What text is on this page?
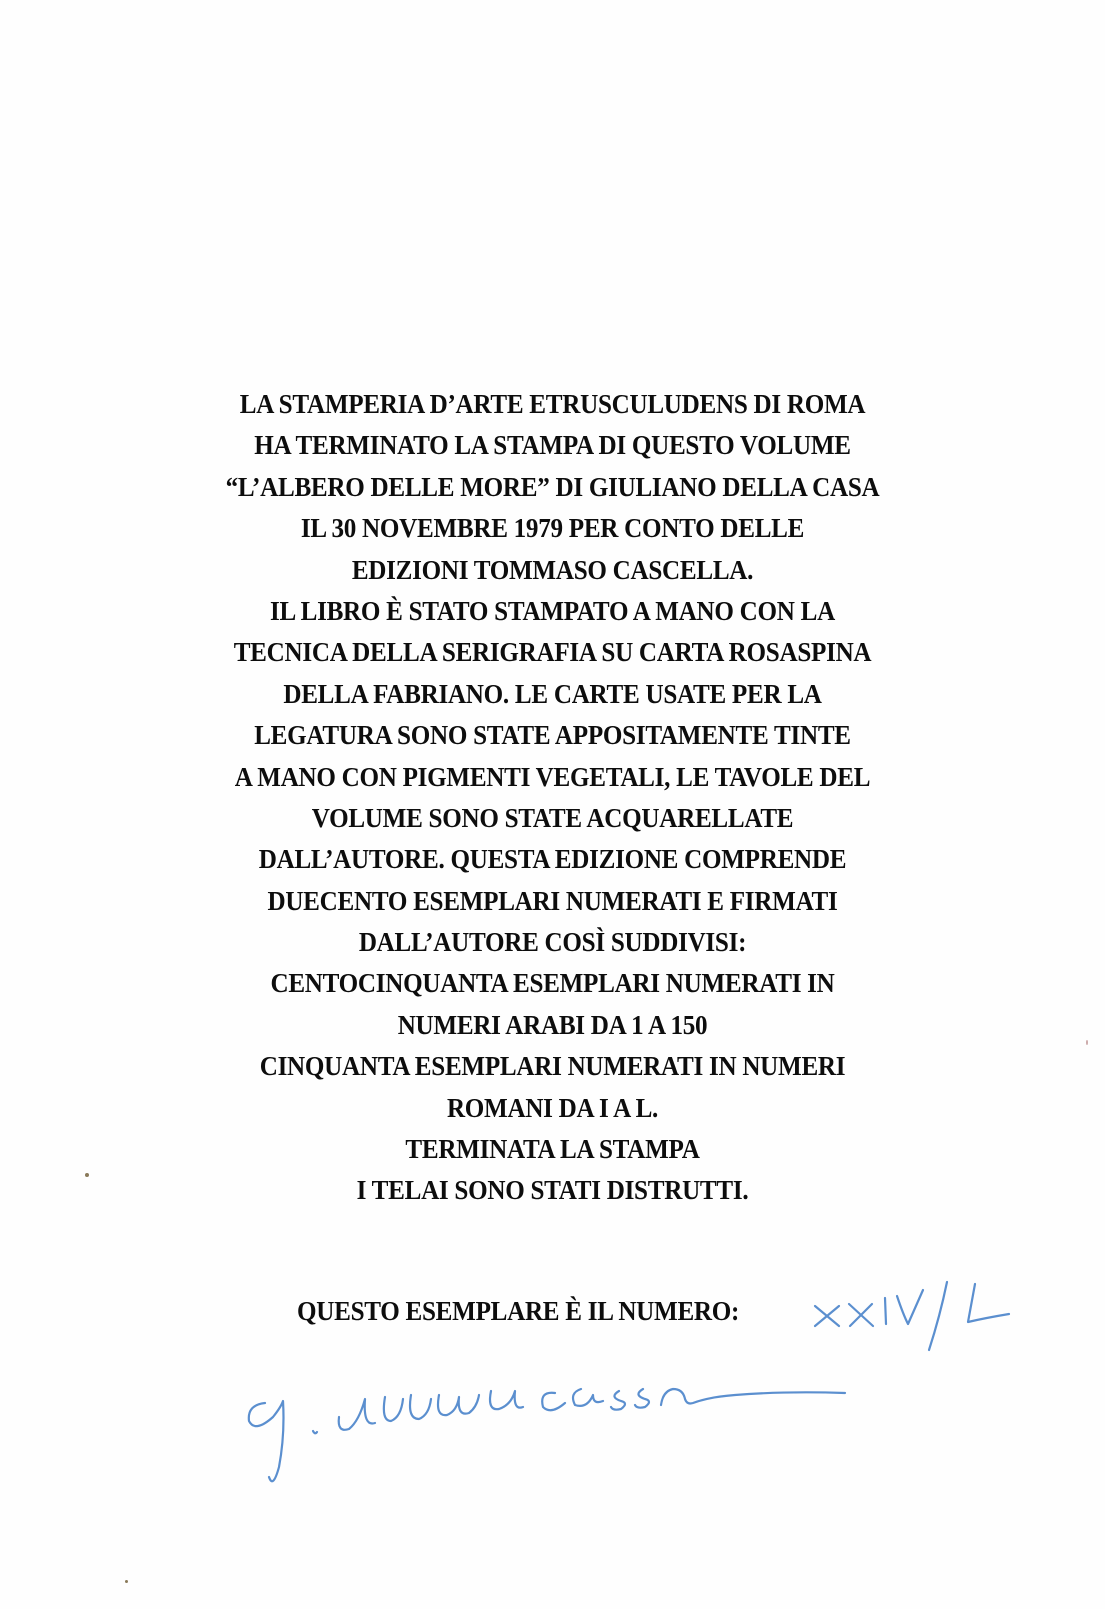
LA STAMPERIA D’ARTE ETRUSCULUDENS DI ROMA
HA TERMINATO LA STAMPA DI QUESTO VOLUME
“L’ALBERO DELLE MORE” DI GIULIANO DELLA CASA
IL 30 NOVEMBRE 1979 PER CONTO DELLE
EDIZIONI TOMMASO CASCELLA.
IL LIBRO È STATO STAMPATO A MANO CON LA
TECNICA DELLA SERIGRAFIA SU CARTA ROSASPINA
DELLA FABRIANO. LE CARTE USATE PER LA
LEGATURA SONO STATE APPOSITAMENTE TINTE
A MANO CON PIGMENTI VEGETALI, LE TAVOLE DEL
VOLUME SONO STATE ACQUARELLATE
DALL’AUTORE. QUESTA EDIZIONE COMPRENDE
DUECENTO ESEMPLARI NUMERATI E FIRMATI
DALL’AUTORE COSÌ SUDDIVISI:
CENTOCINQUANTA ESEMPLARI NUMERATI IN
NUMERI ARABI DA 1 A 150
CINQUANTA ESEMPLARI NUMERATI IN NUMERI
ROMANI DA I A L.
TERMINATA LA STAMPA
I TELAI SONO STATI DISTRUTTI.
QUESTO ESEMPLARE È IL NUMERO:
